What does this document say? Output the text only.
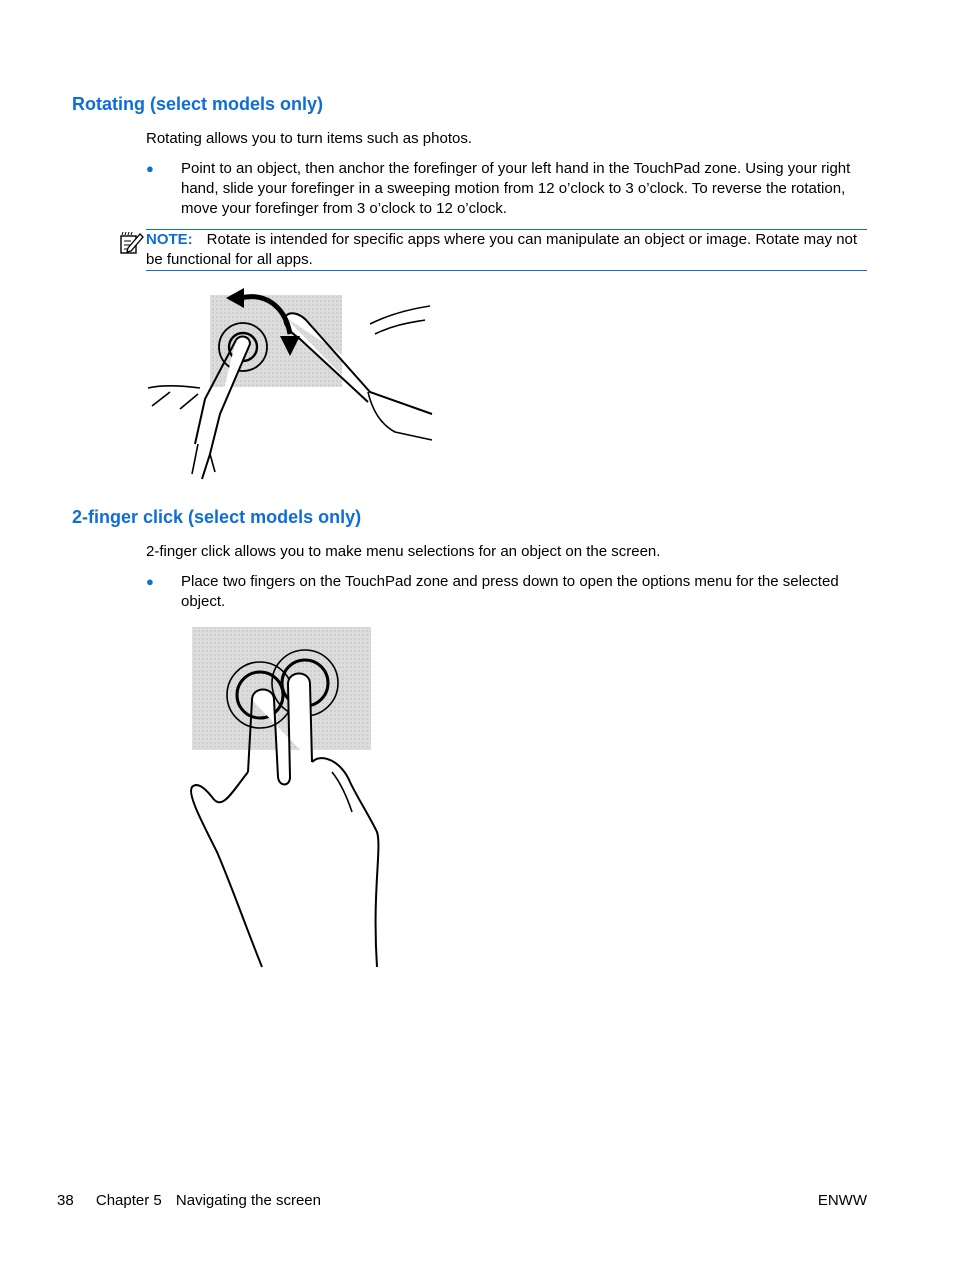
Rotating (select models only)

Rotating allows you to turn items such as photos.

● Point to an object, then anchor the forefinger of your left hand in the TouchPad zone. Using your right hand, slide your forefinger in a sweeping motion from 12 o’clock to 3 o’clock. To reverse the rotation, move your forefinger from 3 o’clock to 12 o’clock.
NOTE: Rotate is intended for specific apps where you can manipulate an object or image. Rotate may not be functional for all apps.
2-finger click (select models only)

2-finger click allows you to make menu selections for an object on the screen.

● Place two fingers on the TouchPad zone and press down to open the options menu for the selected object.
38 Chapter 5 Navigating the screen	ENWW
